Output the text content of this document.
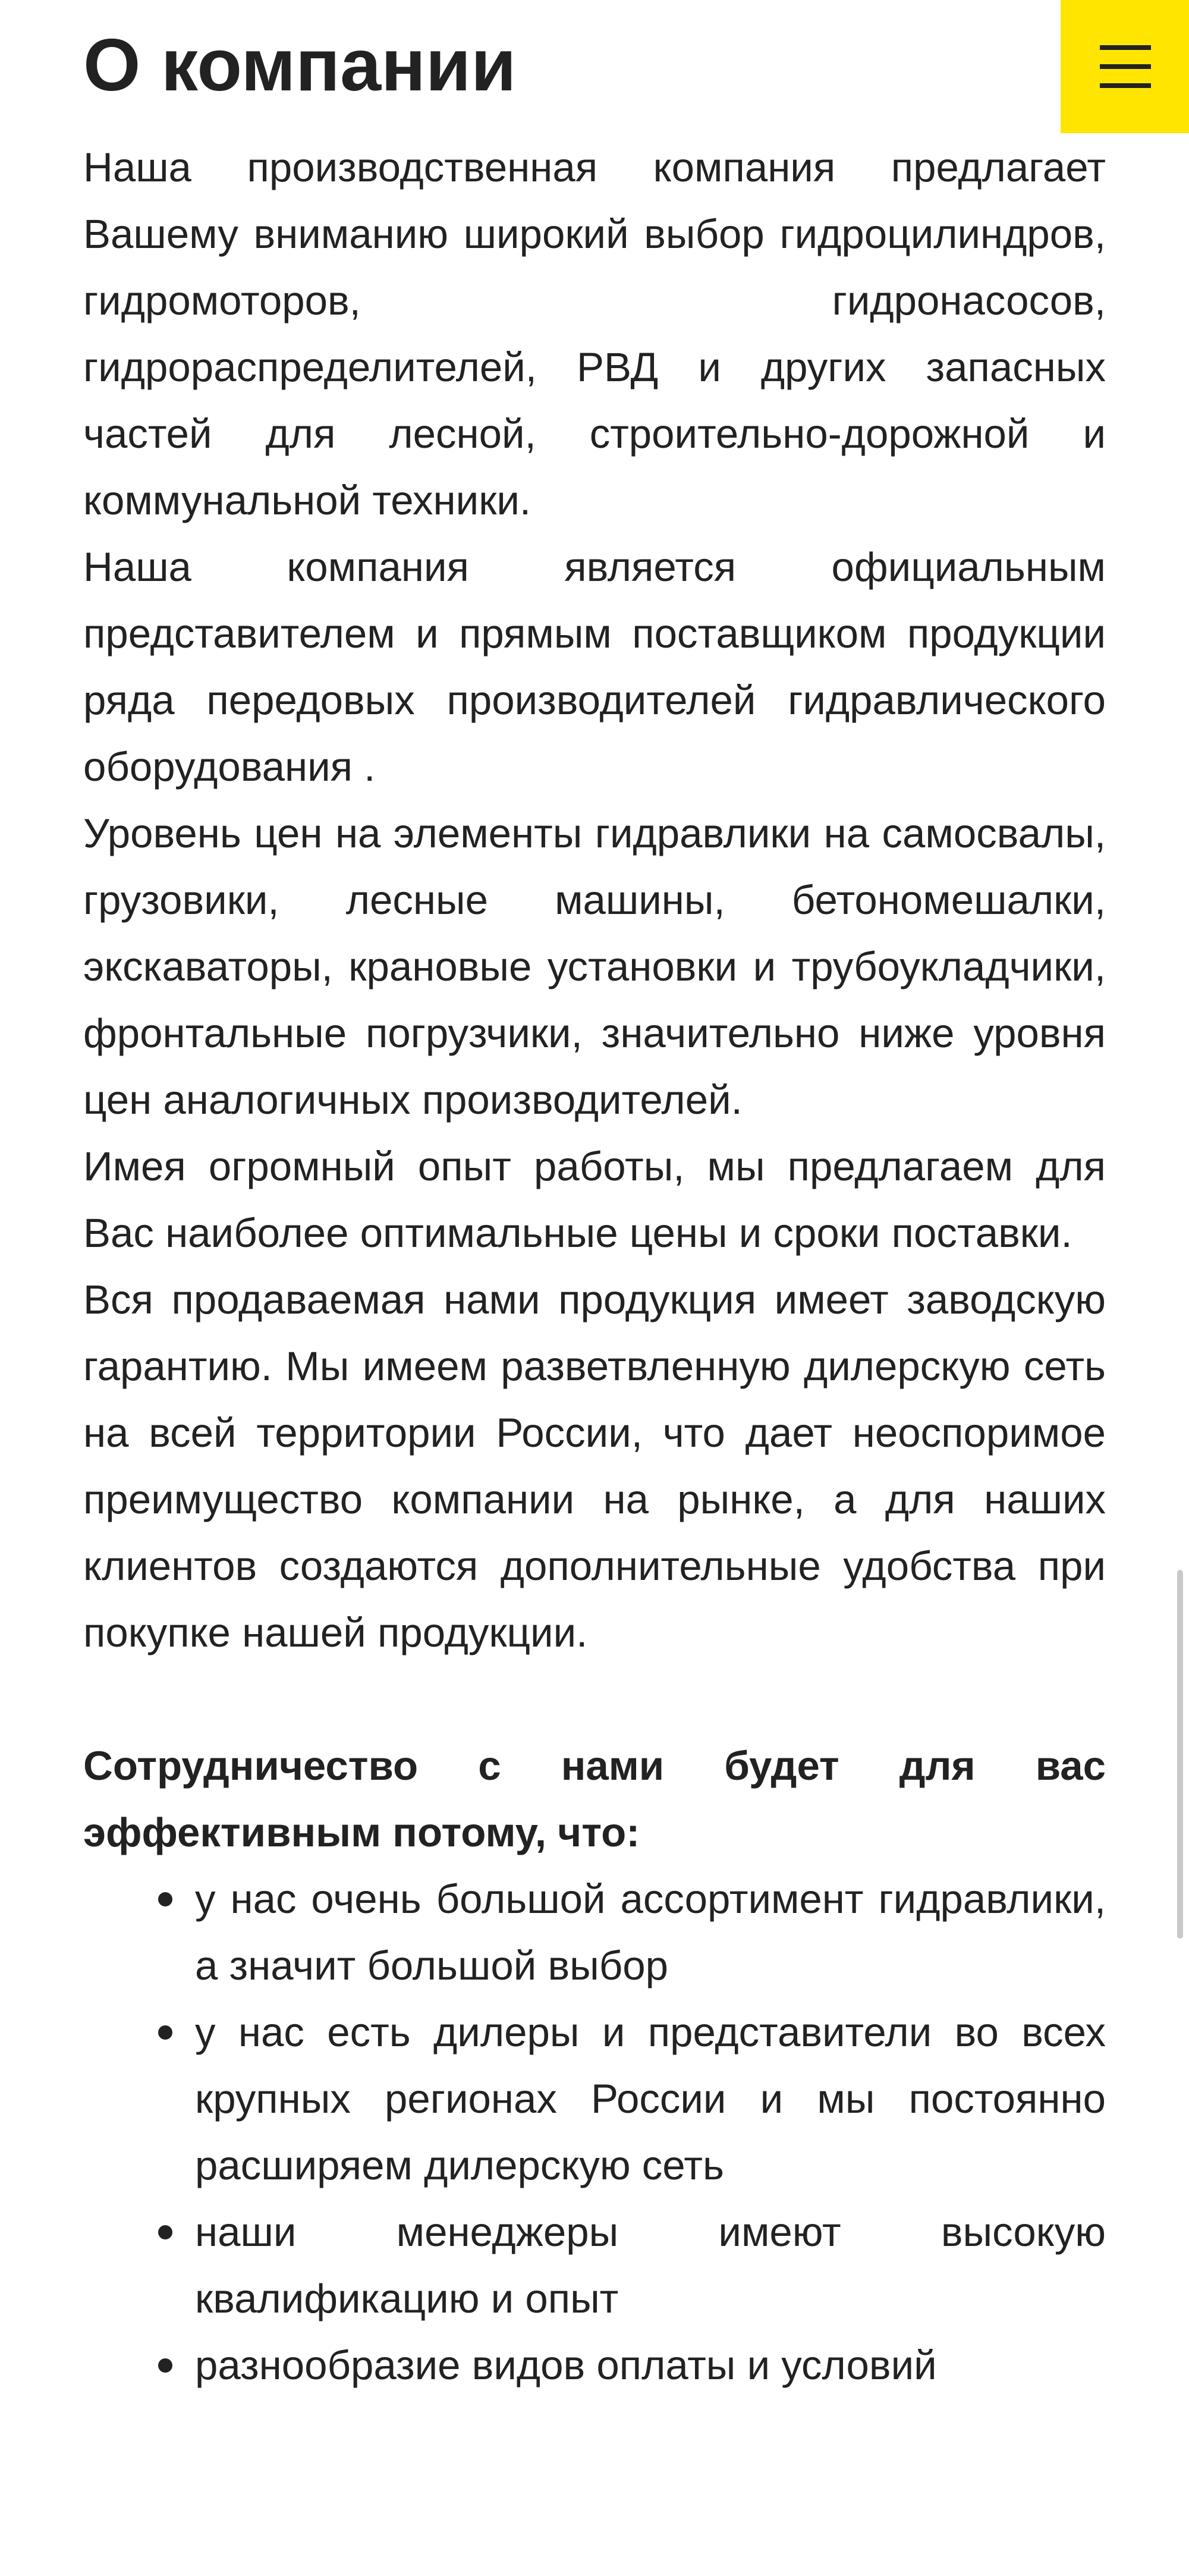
О компании

Наша производственная компания предлагает Вашему вниманию широкий выбор гидроцилиндров, гидромоторов, гидронасосов, гидрораспределителей, РВД и других запасных частей для лесной, строительно-дорожной и коммунальной техники.

Наша компания является официальным представителем и прямым поставщиком продукции ряда передовых производителей гидравлического оборудования .

Уровень цен на элементы гидравлики на самосвалы, грузовики, лесные машины, бетономешалки, экскаваторы, крановые установки и трубоукладчики, фронтальные погрузчики, значительно ниже уровня цен аналогичных производителей.

Имея огромный опыт работы, мы предлагаем для Вас наиболее оптимальные цены и сроки поставки.

Вся продаваемая нами продукция имеет заводскую гарантию. Мы имеем разветвленную дилерскую сеть на всей территории России, что дает неоспоримое преимущество компании на рынке, а для наших клиентов создаются дополнительные удобства при покупке нашей продукции.

Сотрудничество с нами будет для вас эффективным потому, что:

у нас очень большой ассортимент гидравлики, а значит большой выбор
у нас есть дилеры и представители во всех крупных регионах России и мы постоянно расширяем дилерскую сеть
наши менеджеры имеют высокую квалификацию и опыт
разнообразие видов оплаты и условий
